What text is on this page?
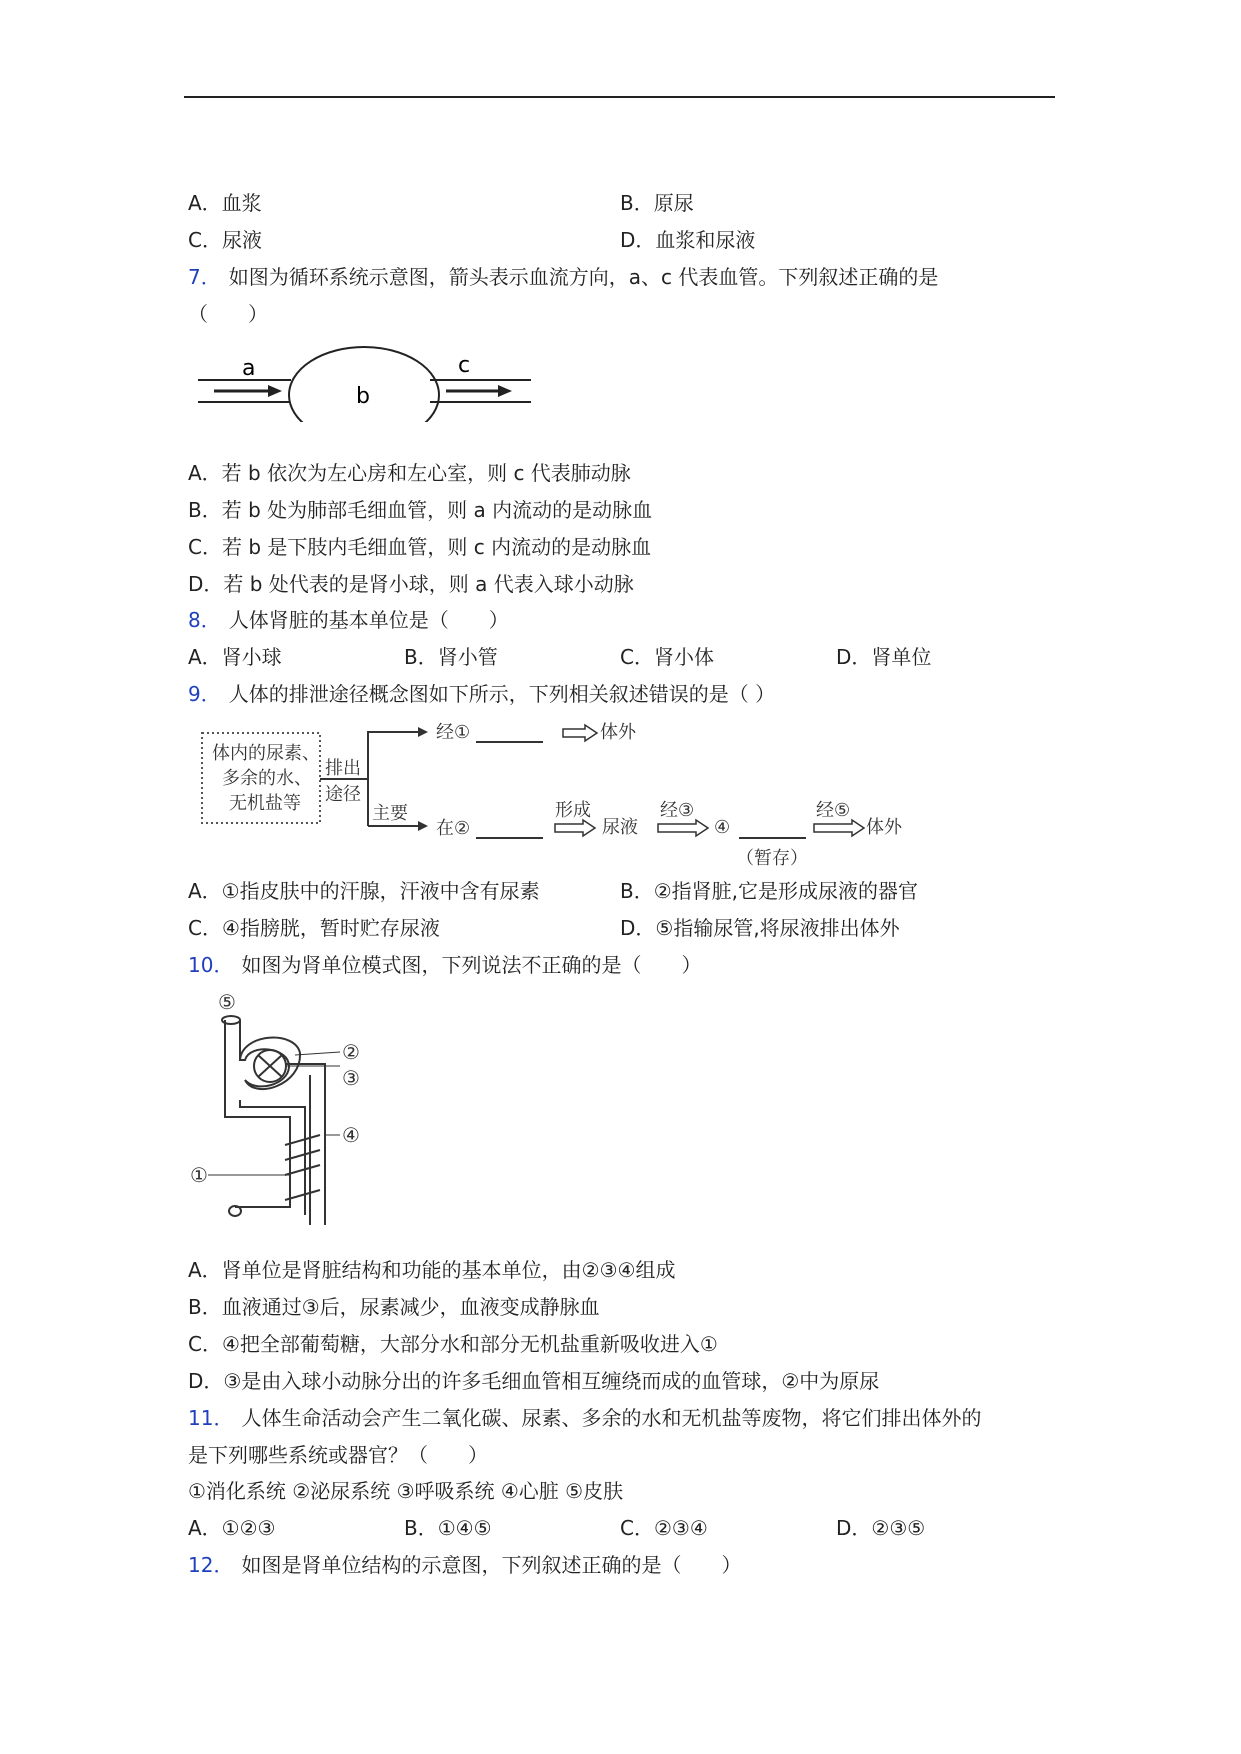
A．血浆	B．原尿
C．尿液	D．血浆和尿液
7． 如图为循环系统示意图，箭头表示血流方向，a、c 代表血管。下列叙述正确的是
（　　）
a
b
c
A．若 b 依次为左心房和左心室，则 c 代表肺动脉
B．若 b 处为肺部毛细血管，则 a 内流动的是动脉血
C．若 b 是下肢内毛细血管，则 c 内流动的是动脉血
D．若 b 处代表的是肾小球，则 a 代表入球小动脉
8． 人体肾脏的基本单位是（　　）
A．肾小球	B．肾小管	C．肾小体	D．肾单位
9． 人体的排泄途径概念图如下所示，下列相关叙述错误的是（ ）
体内的尿素、
多余的水、
无机盐等
排出
途径
主要
经①	体外
在②
形成
尿液
经③
④
（暂存）
经⑤
体外
A．①指皮肤中的汗腺，汗液中含有尿素	B．②指肾脏,它是形成尿液的器官
C．④指膀胱，暂时贮存尿液	D．⑤指输尿管,将尿液排出体外
10． 如图为肾单位模式图，下列说法不正确的是（　　）
⑤
②
③
④
①
A．肾单位是肾脏结构和功能的基本单位，由②③④组成
B．血液通过③后，尿素减少，血液变成静脉血
C．④把全部葡萄糖，大部分水和部分无机盐重新吸收进入①
D．③是由入球小动脉分出的许多毛细血管相互缠绕而成的血管球，②中为原尿
11． 人体生命活动会产生二氧化碳、尿素、多余的水和无机盐等废物，将它们排出体外的
是下列哪些系统或器官？（　　）
①消化系统 ②泌尿系统 ③呼吸系统 ④心脏 ⑤皮肤
A．①②③	B．①④⑤	C．②③④	D．②③⑤
12． 如图是肾单位结构的示意图，下列叙述正确的是（　　）
